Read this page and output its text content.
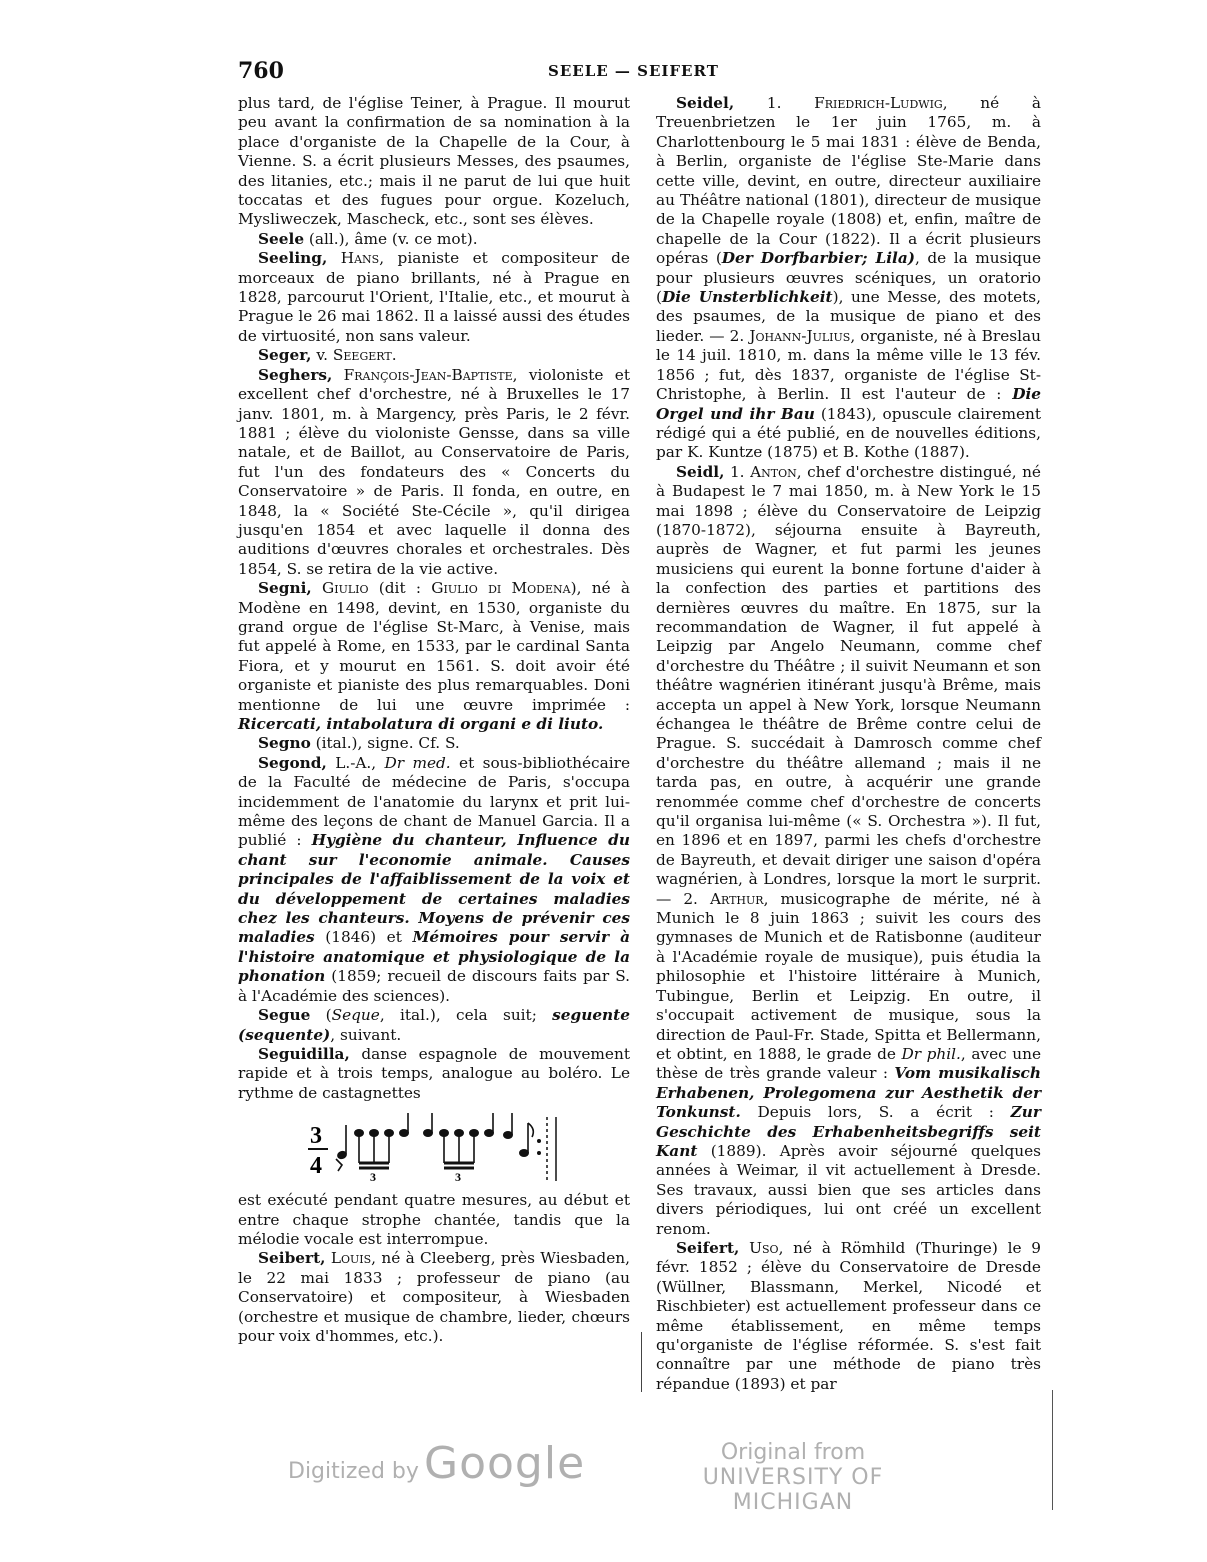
760	SEELE — SEIFERT

plus tard, de l'église Teiner, à Prague. Il mourut peu avant la confirmation de sa nomination à la place d'organiste de la Chapelle de la Cour, à Vienne. S. a écrit plusieurs Messes, des psaumes, des litanies, etc.; mais il ne parut de lui que huit toccatas et des fugues pour orgue. Kozeluch, Mysliweczek, Mascheck, etc., sont ses élèves.

Seele (all.), âme (v. ce mot).

Seeling, Hans, pianiste et compositeur de morceaux de piano brillants, né à Prague en 1828, parcourut l'Orient, l'Italie, etc., et mourut à Prague le 26 mai 1862. Il a laissé aussi des études de virtuosité, non sans valeur.

Seger, v. Seegert.

Seghers, François-Jean-Baptiste, violoniste et excellent chef d'orchestre, né à Bruxelles le 17 janv. 1801, m. à Margency, près Paris, le 2 févr. 1881 ; élève du violoniste Gensse, dans sa ville natale, et de Baillot, au Conservatoire de Paris, fut l'un des fondateurs des « Concerts du Conservatoire » de Paris. Il fonda, en outre, en 1848, la « Société Ste-Cécile », qu'il dirigea jusqu'en 1854 et avec laquelle il donna des auditions d'œuvres chorales et orchestrales. Dès 1854, S. se retira de la vie active.

Segni, Giulio (dit : Giulio di Modena), né à Modène en 1498, devint, en 1530, organiste du grand orgue de l'église St-Marc, à Venise, mais fut appelé à Rome, en 1533, par le cardinal Santa Fiora, et y mourut en 1561. S. doit avoir été organiste et pianiste des plus remarquables. Doni mentionne de lui une œuvre imprimée : Ricercati, intabolatura di organi e di liuto.

Segno (ital.), signe. Cf. S.

Segond, L.-A., Dr med. et sous-bibliothécaire de la Faculté de médecine de Paris, s'occupa incidemment de l'anatomie du larynx et prit lui-même des leçons de chant de Manuel Garcia. Il a publié : Hygiène du chanteur, Influence du chant sur l'economie animale. Causes principales de l'affaiblissement de la voix et du développement de certaines maladies chez les chanteurs. Moyens de prévenir ces maladies (1846) et Mémoires pour servir à l'histoire anatomique et physiologique de la phonation (1859; recueil de discours faits par S. à l'Académie des sciences).

Segue (Seque, ital.), cela suit; seguente (sequente), suivant.

Seguidilla, danse espagnole de mouvement rapide et à trois temps, analogue au boléro. Le rythme de castagnettes

3
4	3	3

est exécuté pendant quatre mesures, au début et entre chaque strophe chantée, tandis que la mélodie vocale est interrompue.

Seibert, Louis, né à Cleeberg, près Wiesbaden, le 22 mai 1833 ; professeur de piano (au Conservatoire) et compositeur, à Wiesbaden (orchestre et musique de chambre, lieder, chœurs pour voix d'hommes, etc.).

Seidel, 1. Friedrich-Ludwig, né à Treuenbrietzen le 1er juin 1765, m. à Charlottenbourg le 5 mai 1831 : élève de Benda, à Berlin, organiste de l'église Ste-Marie dans cette ville, devint, en outre, directeur auxiliaire au Théâtre national (1801), directeur de musique de la Chapelle royale (1808) et, enfin, maître de chapelle de la Cour (1822). Il a écrit plusieurs opéras (Der Dorfbarbier; Lila), de la musique pour plusieurs œuvres scéniques, un oratorio (Die Unsterblichkeit), une Messe, des motets, des psaumes, de la musique de piano et des lieder. — 2. Johann-Julius, organiste, né à Breslau le 14 juil. 1810, m. dans la même ville le 13 fév. 1856 ; fut, dès 1837, organiste de l'église St-Christophe, à Berlin. Il est l'auteur de : Die Orgel und ihr Bau (1843), opuscule clairement rédigé qui a été publié, en de nouvelles éditions, par K. Kuntze (1875) et B. Kothe (1887).

Seidl, 1. Anton, chef d'orchestre distingué, né à Budapest le 7 mai 1850, m. à New York le 15 mai 1898 ; élève du Conservatoire de Leipzig (1870-1872), séjourna ensuite à Bayreuth, auprès de Wagner, et fut parmi les jeunes musiciens qui eurent la bonne fortune d'aider à la confection des parties et partitions des dernières œuvres du maître. En 1875, sur la recommandation de Wagner, il fut appelé à Leipzig par Angelo Neumann, comme chef d'orchestre du Théâtre ; il suivit Neumann et son théâtre wagnérien itinérant jusqu'à Brême, mais accepta un appel à New York, lorsque Neumann échangea le théâtre de Brême contre celui de Prague. S. succédait à Damrosch comme chef d'orchestre du théâtre allemand ; mais il ne tarda pas, en outre, à acquérir une grande renommée comme chef d'orchestre de concerts qu'il organisa lui-même (« S. Orchestra »). Il fut, en 1896 et en 1897, parmi les chefs d'orchestre de Bayreuth, et devait diriger une saison d'opéra wagnérien, à Londres, lorsque la mort le surprit. — 2. Arthur, musicographe de mérite, né à Munich le 8 juin 1863 ; suivit les cours des gymnases de Munich et de Ratisbonne (auditeur à l'Académie royale de musique), puis étudia la philosophie et l'histoire littéraire à Munich, Tubingue, Berlin et Leipzig. En outre, il s'occupait activement de musique, sous la direction de Paul-Fr. Stade, Spitta et Bellermann, et obtint, en 1888, le grade de Dr phil., avec une thèse de très grande valeur : Vom musikalisch Erhabenen, Prolegomena zur Aesthetik der Tonkunst. Depuis lors, S. a écrit : Zur Geschichte des Erhabenheitsbegriffs seit Kant (1889). Après avoir séjourné quelques années à Weimar, il vit actuellement à Dresde. Ses travaux, aussi bien que ses articles dans divers périodiques, lui ont créé un excellent renom.

Seifert, Uso, né à Römhild (Thuringe) le 9 févr. 1852 ; élève du Conservatoire de Dresde (Wüllner, Blassmann, Merkel, Nicodé et Rischbieter) est actuellement professeur dans ce même établissement, en même temps qu'organiste de l'église réformée. S. s'est fait connaître par une méthode de piano très répandue (1893) et par

Digitized by Google	Original from
UNIVERSITY OF MICHIGAN
